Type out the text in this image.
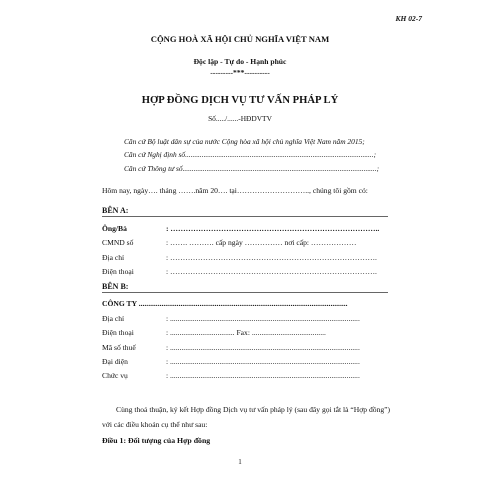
KH 02-7
CỘNG HOÀ XÃ HỘI CHỦ NGHĨA VIỆT NAM
Độc lập - Tự do - Hạnh phúc
---------***----------
HỢP ĐỒNG DỊCH VỤ TƯ VẤN PHÁP LÝ
Số...../......-HĐDVTV
Căn cứ Bộ luật dân sự của nước Cộng hòa xã hội chủ nghĩa Việt Nam năm 2015;
Căn cứ Nghị định số......................................................................................................;
Căn cứ Thông tư số.........................................................................................................;
Hôm nay, ngày…. tháng …….năm 20…. tại……………………….., chúng tôi gồm có:
BÊN A:
Ông/Bà	: ………………………………………………………………………..
CMND số	: ……. ………. cấp ngày …………… nơi cấp: ………………
Địa chỉ	: ……………………………………………………………………….
Điện thoại	: ……………………………………………………………………….
BÊN B:
CÔNG TY ..............................................................................................................
Địa chỉ	: ....................................................................................................
Điện thoại	: .................................. Fax: .......................................
Mã số thuế	: ....................................................................................................
Đại diện	: ....................................................................................................
Chức vụ	: ....................................................................................................
Cùng thoả thuận, ký kết Hợp đồng Dịch vụ tư vấn pháp lý (sau đây gọi tắt là “Hợp đồng”)
với các điều khoản cụ thể như sau:
Điều 1: Đối tượng của Hợp đồng
1
